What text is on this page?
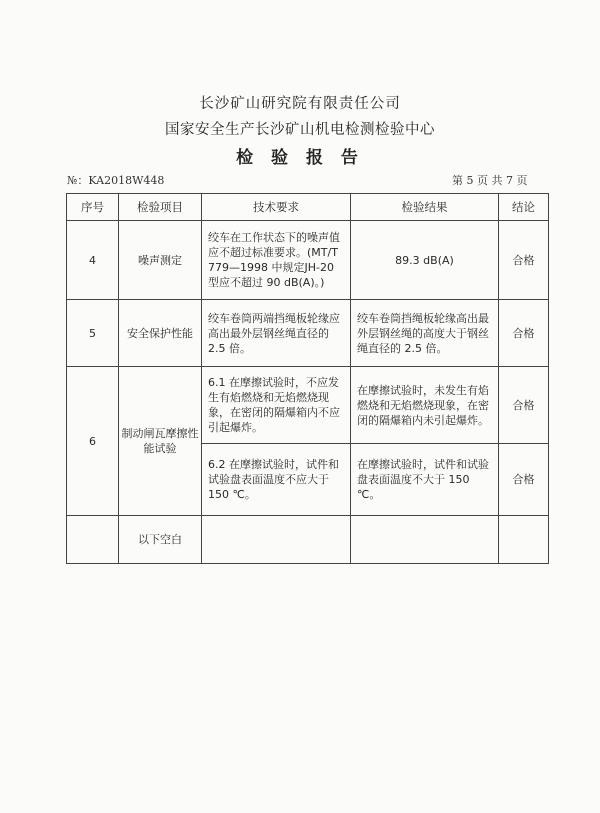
长沙矿山研究院有限责任公司
国家安全生产长沙矿山机电检测检验中心
检 验 报 告
№：KA2018W448	第 5 页 共 7 页
序号	检验项目	技术要求	检验结果	结论
4	噪声测定	绞车在工作状态下的噪声值应不超过标准要求。(MT/T 779—1998 中规定JH-20 型应不超过 90 dB(A)。)	89.3 dB(A)	合格
5	安全保护性能	绞车卷筒两端挡绳板轮缘应高出最外层钢丝绳直径的 2.5 倍。	绞车卷筒挡绳板轮缘高出最外层钢丝绳的高度大于钢丝绳直径的 2.5 倍。	合格
6	制动闸瓦摩擦性能试验	6.1 在摩擦试验时，不应发生有焰燃烧和无焰燃烧现象，在密闭的隔爆箱内不应引起爆炸。	在摩擦试验时，未发生有焰燃烧和无焰燃烧现象，在密闭的隔爆箱内未引起爆炸。	合格
		6.2 在摩擦试验时，试件和试验盘表面温度不应大于 150 ℃。	在摩擦试验时，试件和试验盘表面温度不大于 150 ℃。	合格
	以下空白			
